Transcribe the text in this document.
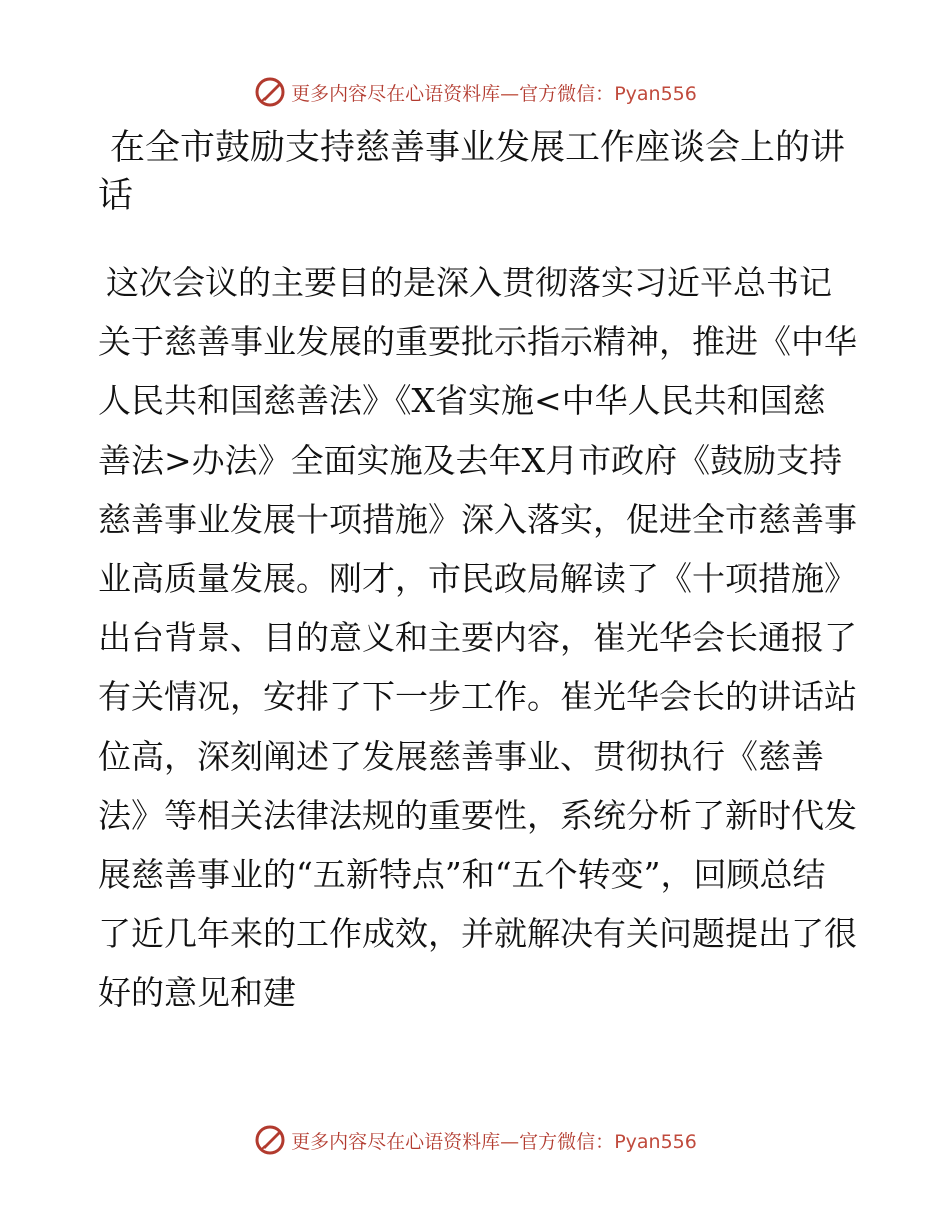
更多内容尽在心语资料库—官方微信：Pyan556
在全市鼓励支持慈善事业发展工作座谈会上的讲话

这次会议的主要目的是深入贯彻落实习近平总书记关于慈善事业发展的重要批示指示精神，推进《中华人民共和国慈善法》《X省实施<中华人民共和国慈善法>办法》全面实施及去年X月市政府《鼓励支持慈善事业发展十项措施》深入落实，促进全市慈善事业高质量发展。刚才，市民政局解读了《十项措施》出台背景、目的意义和主要内容，崔光华会长通报了有关情况，安排了下一步工作。崔光华会长的讲话站位高，深刻阐述了发展慈善事业、贯彻执行《慈善法》等相关法律法规的重要性，系统分析了新时代发展慈善事业的“五新特点”和“五个转变”，回顾总结了近几年来的工作成效，并就解决有关问题提出了很好的意见和建

更多内容尽在心语资料库—官方微信：Pyan556
